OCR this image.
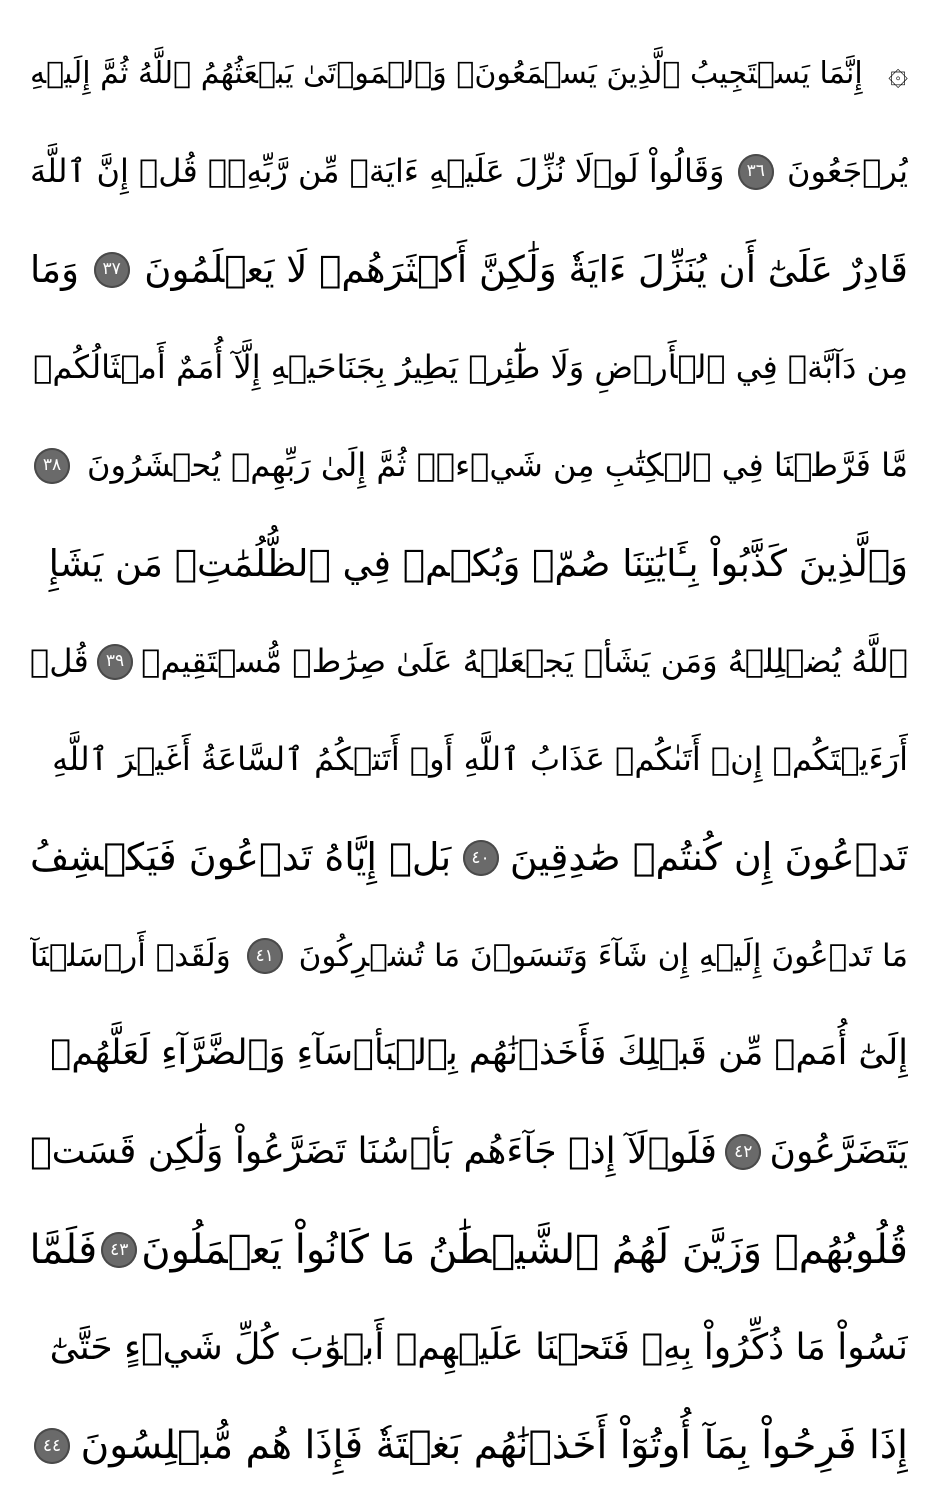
۞
إِنَّمَا يَسۡتَجِيبُ ٱلَّذِينَ يَسۡمَعُونَۘ وَٱلۡمَوۡتَىٰ يَبۡعَثُهُمُ ٱللَّهُ ثُمَّ إِلَيۡهِ
يُرۡجَعُونَ
٣٦
وَقَالُواْ لَوۡلَا نُزِّلَ عَلَيۡهِ ءَايَةٞ مِّن رَّبِّهِۦۚ قُلۡ إِنَّ ٱللَّهَ
قَادِرٌ عَلَىٰٓ أَن يُنَزِّلَ ءَايَةٗ وَلَٰكِنَّ أَكۡثَرَهُمۡ لَا يَعۡلَمُونَ
٣٧
وَمَا
مِن دَآبَّةٖ فِي ٱلۡأَرۡضِ وَلَا طَٰٓئِرٖ يَطِيرُ بِجَنَاحَيۡهِ إِلَّآ أُمَمٌ أَمۡثَالُكُمۚ
مَّا فَرَّطۡنَا فِي ٱلۡكِتَٰبِ مِن شَيۡءٖۚ ثُمَّ إِلَىٰ رَبِّهِمۡ يُحۡشَرُونَ
٣٨
وَٱلَّذِينَ كَذَّبُواْ بِـَٔايَٰتِنَا صُمّٞ وَبُكۡمٞ فِي ٱلظُّلُمَٰتِۗ مَن يَشَإِ
ٱللَّهُ يُضۡلِلۡهُ وَمَن يَشَأۡ يَجۡعَلۡهُ عَلَىٰ صِرَٰطٖ مُّسۡتَقِيمٖ
٣٩
قُلۡ
أَرَءَيۡتَكُمۡ إِنۡ أَتَىٰكُمۡ عَذَابُ ٱللَّهِ أَوۡ أَتَتۡكُمُ ٱلسَّاعَةُ أَغَيۡرَ ٱللَّهِ
تَدۡعُونَ إِن كُنتُمۡ صَٰدِقِينَ
٤٠
بَلۡ إِيَّاهُ تَدۡعُونَ فَيَكۡشِفُ
مَا تَدۡعُونَ إِلَيۡهِ إِن شَآءَ وَتَنسَوۡنَ مَا تُشۡرِكُونَ
٤١
وَلَقَدۡ أَرۡسَلۡنَآ
إِلَىٰٓ أُمَمٖ مِّن قَبۡلِكَ فَأَخَذۡنَٰهُم بِٱلۡبَأۡسَآءِ وَٱلضَّرَّآءِ لَعَلَّهُمۡ
يَتَضَرَّعُونَ
٤٢
فَلَوۡلَآ إِذۡ جَآءَهُم بَأۡسُنَا تَضَرَّعُواْ وَلَٰكِن قَسَتۡ
قُلُوبُهُمۡ وَزَيَّنَ لَهُمُ ٱلشَّيۡطَٰنُ مَا كَانُواْ يَعۡمَلُونَ
٤٣
فَلَمَّا
نَسُواْ مَا ذُكِّرُواْ بِهِۦ فَتَحۡنَا عَلَيۡهِمۡ أَبۡوَٰبَ كُلِّ شَيۡءٍ حَتَّىٰٓ
إِذَا فَرِحُواْ بِمَآ أُوتُوٓاْ أَخَذۡنَٰهُم بَغۡتَةٗ فَإِذَا هُم مُّبۡلِسُونَ
٤٤
